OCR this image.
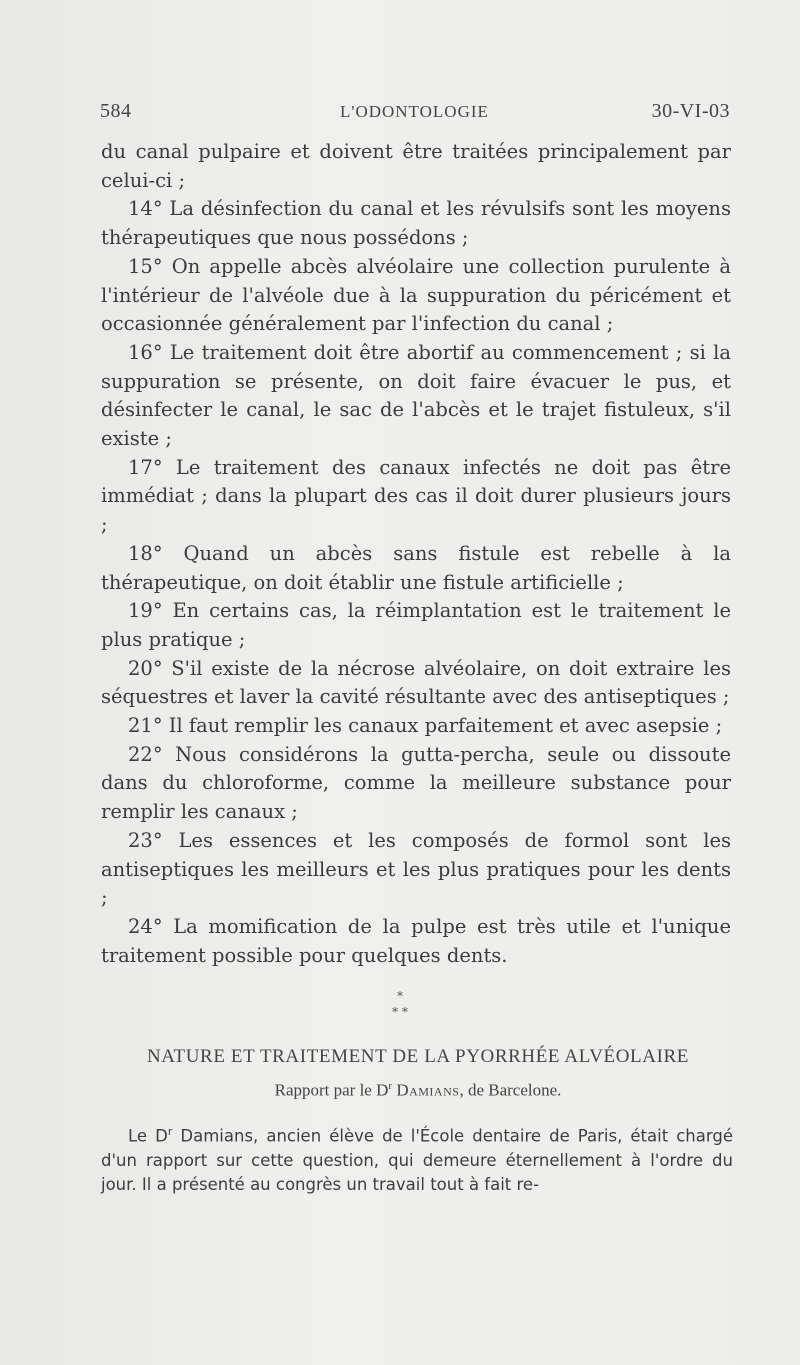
584	L'ODONTOLOGIE	30-VI-03

du canal pulpaire et doivent être traitées principalement par celui-ci ;

14° La désinfection du canal et les révulsifs sont les moyens thérapeutiques que nous possédons ;

15° On appelle abcès alvéolaire une collection purulente à l'intérieur de l'alvéole due à la suppuration du péricément et occasionnée généralement par l'infection du canal ;

16° Le traitement doit être abortif au commencement ; si la suppuration se présente, on doit faire évacuer le pus, et désinfecter le canal, le sac de l'abcès et le trajet fistuleux, s'il existe ;

17° Le traitement des canaux infectés ne doit pas être immédiat ; dans la plupart des cas il doit durer plusieurs jours ;

18° Quand un abcès sans fistule est rebelle à la thérapeutique, on doit établir une fistule artificielle ;

19° En certains cas, la réimplantation est le traitement le plus pratique ;

20° S'il existe de la nécrose alvéolaire, on doit extraire les séquestres et laver la cavité résultante avec des antiseptiques ;

21° Il faut remplir les canaux parfaitement et avec asepsie ;

22° Nous considérons la gutta-percha, seule ou dissoute dans du chloroforme, comme la meilleure substance pour remplir les canaux ;

23° Les essences et les composés de formol sont les antiseptiques les meilleurs et les plus pratiques pour les dents ;

24° La momification de la pulpe est très utile et l'unique traitement possible pour quelques dents.

*
* *
NATURE ET TRAITEMENT DE LA PYORRHÉE ALVÉOLAIRE
Rapport par le $D^r$ Damians, de Barcelone.

Le $D^r$ Damians, ancien élève de l'École dentaire de Paris, était chargé d'un rapport sur cette question, qui demeure éternellement à l'ordre du jour. Il a présenté au congrès un travail tout à fait re-
